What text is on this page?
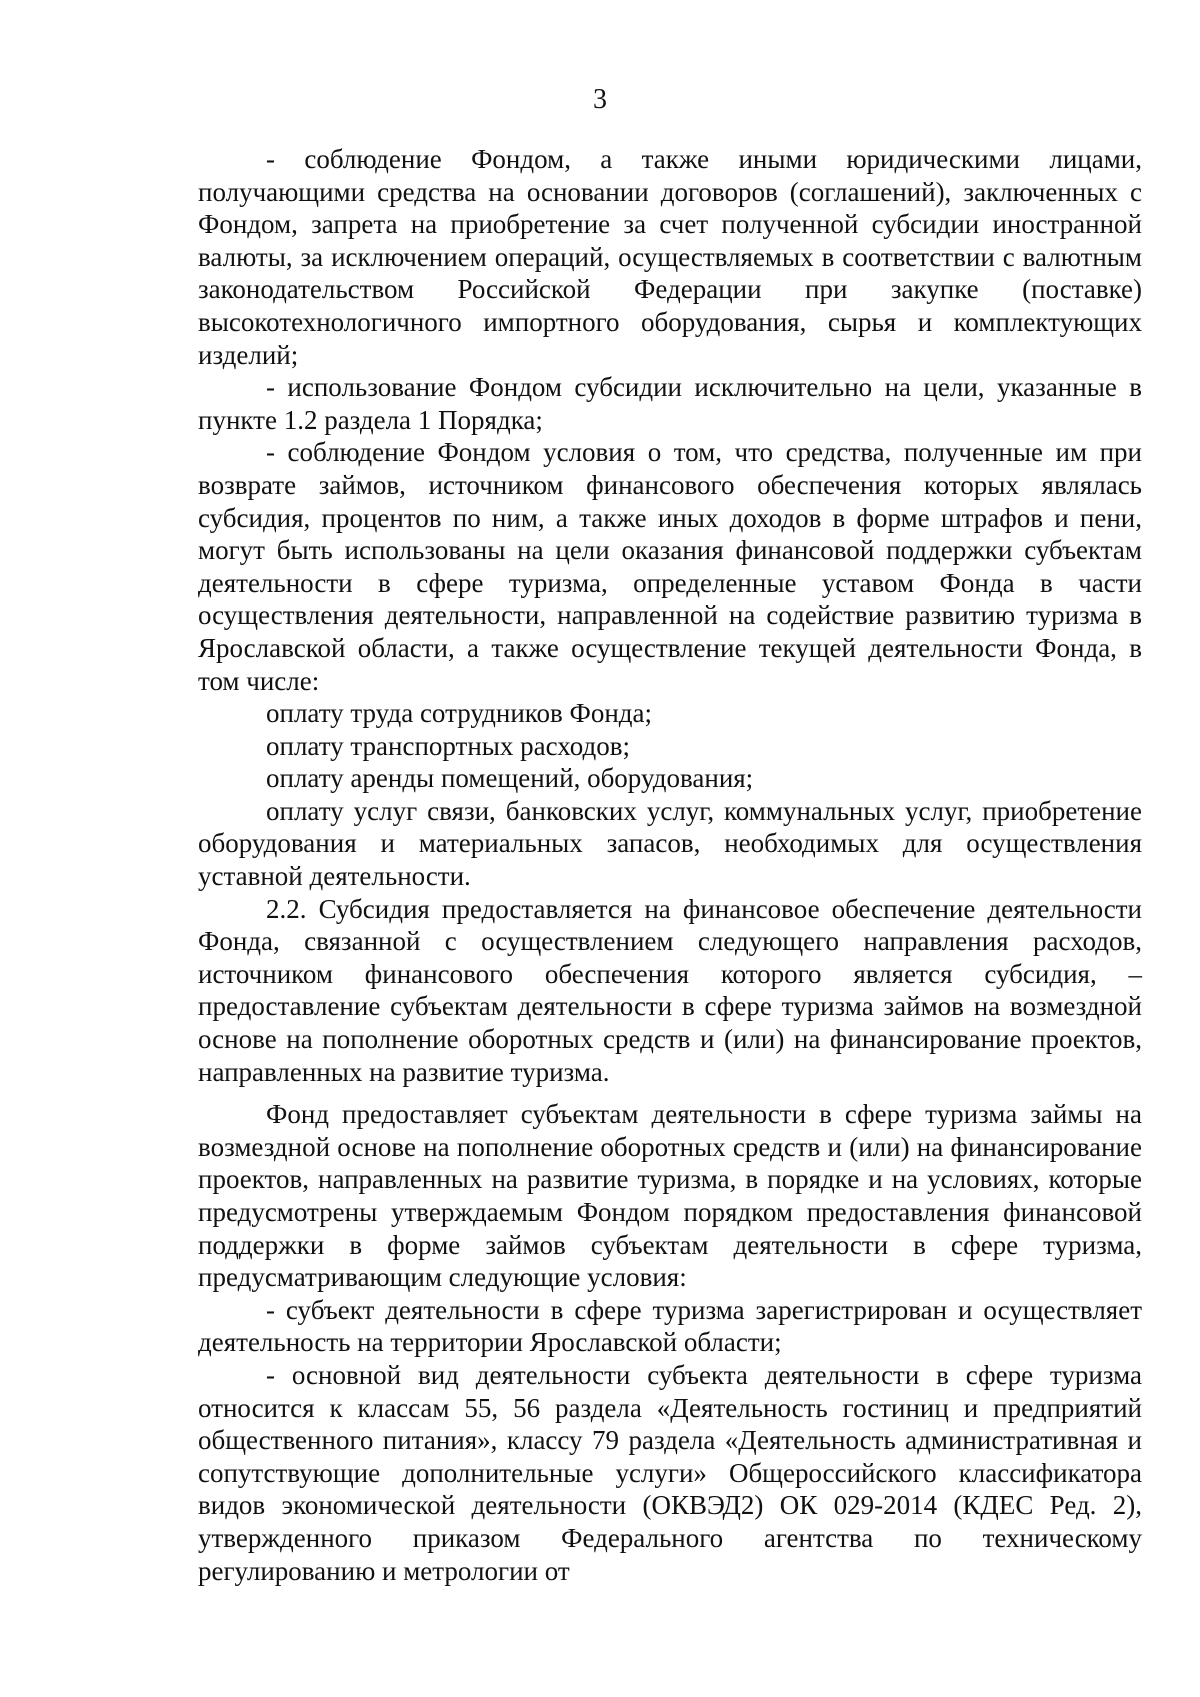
3

- соблюдение Фондом, а также иными юридическими лицами, получающими средства на основании договоров (соглашений), заключенных с Фондом, запрета на приобретение за счет полученной субсидии иностранной валюты, за исключением операций, осуществляемых в соответствии с валютным законодательством Российской Федерации при закупке (поставке) высокотехнологичного импортного оборудования, сырья и комплектующих изделий;

- использование Фондом субсидии исключительно на цели, указанные в пункте 1.2 раздела 1 Порядка;

- соблюдение Фондом условия о том, что средства, полученные им при возврате займов, источником финансового обеспечения которых являлась субсидия, процентов по ним, а также иных доходов в форме штрафов и пени, могут быть использованы на цели оказания финансовой поддержки субъектам деятельности в сфере туризма, определенные уставом Фонда в части осуществления деятельности, направленной на содействие развитию туризма в Ярославской области, а также осуществление текущей деятельности Фонда, в том числе:

оплату труда сотрудников Фонда;

оплату транспортных расходов;

оплату аренды помещений, оборудования;

оплату услуг связи, банковских услуг, коммунальных услуг, приобретение оборудования и материальных запасов, необходимых для осуществления уставной деятельности.

2.2. Субсидия предоставляется на финансовое обеспечение деятельности Фонда, связанной с осуществлением следующего направления расходов, источником финансового обеспечения которого является субсидия, – предоставление субъектам деятельности в сфере туризма займов на возмездной основе на пополнение оборотных средств и (или) на финансирование проектов, направленных на развитие туризма.

Фонд предоставляет субъектам деятельности в сфере туризма займы на возмездной основе на пополнение оборотных средств и (или) на финансирование проектов, направленных на развитие туризма, в порядке и на условиях, которые предусмотрены утверждаемым Фондом порядком предоставления финансовой поддержки в форме займов субъектам деятельности в сфере туризма, предусматривающим следующие условия:

- субъект деятельности в сфере туризма зарегистрирован и осуществляет деятельность на территории Ярославской области;

- основной вид деятельности субъекта деятельности в сфере туризма относится к классам 55, 56 раздела «Деятельность гостиниц и предприятий общественного питания», классу 79 раздела «Деятельность административная и сопутствующие дополнительные услуги» Общероссийского классификатора видов экономической деятельности (ОКВЭД2) ОК 029-2014 (КДЕС Ред. 2), утвержденного приказом Федерального агентства по техническому регулированию и метрологии от
